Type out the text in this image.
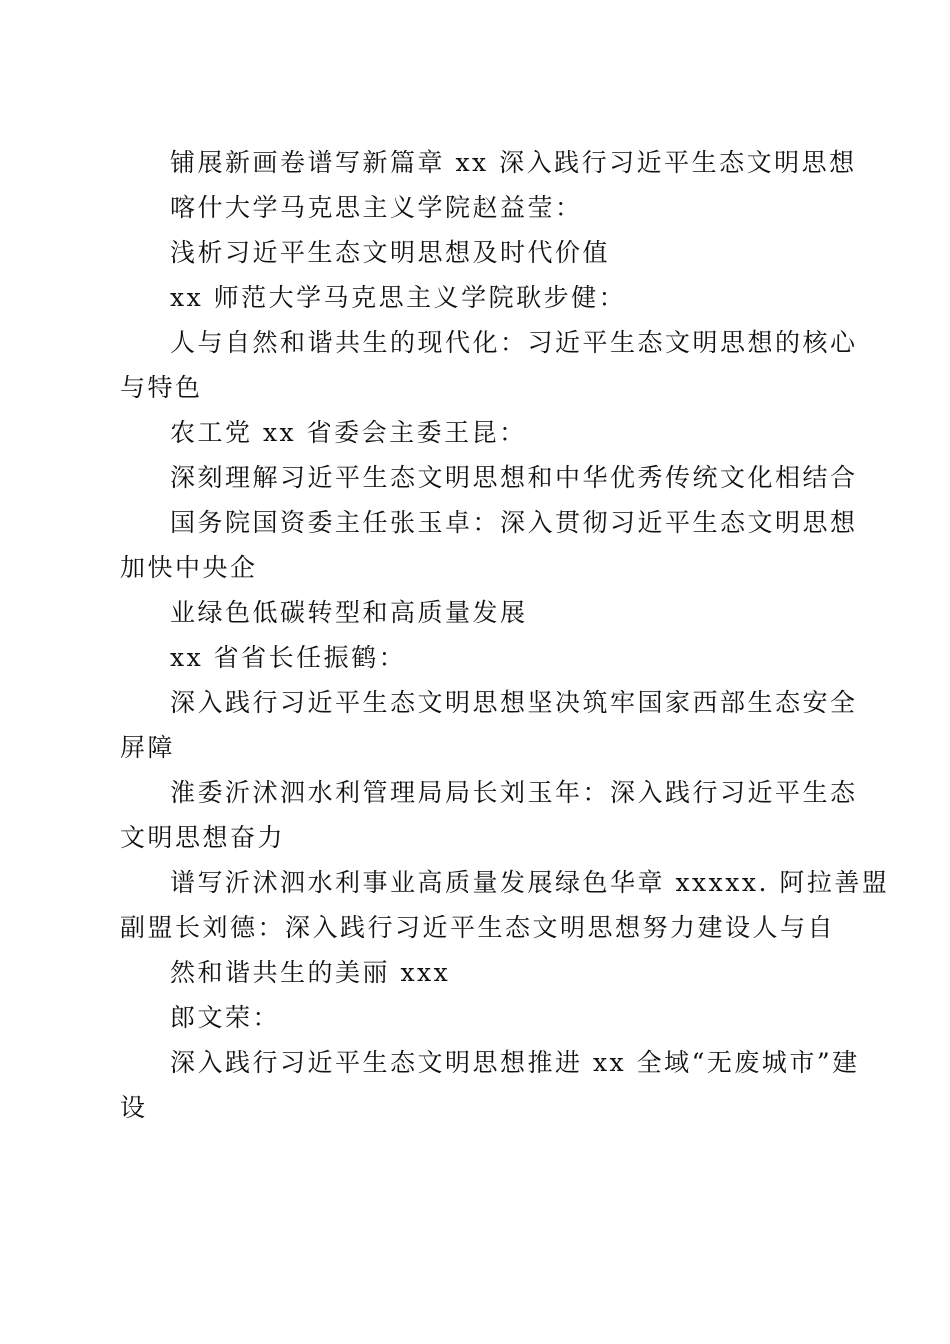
铺展新画卷谱写新篇章 xx 深入践行习近平生态文明思想
喀什大学马克思主义学院赵益莹：
浅析习近平生态文明思想及时代价值
xx 师范大学马克思主义学院耿步健：
人与自然和谐共生的现代化：习近平生态文明思想的核心
与特色
农工党 xx 省委会主委王昆：
深刻理解习近平生态文明思想和中华优秀传统文化相结合
国务院国资委主任张玉卓：深入贯彻习近平生态文明思想
加快中央企
业绿色低碳转型和高质量发展
xx 省省长任振鹤：
深入践行习近平生态文明思想坚决筑牢国家西部生态安全
屏障
淮委沂沭泗水利管理局局长刘玉年：深入践行习近平生态
文明思想奋力
谱写沂沭泗水利事业高质量发展绿色华章 xxxxx. 阿拉善盟
副盟长刘德：深入践行习近平生态文明思想努力建设人与自
然和谐共生的美丽 xxx
郎文荣：
深入践行习近平生态文明思想推进 xx 全域“无废城市”建
设
